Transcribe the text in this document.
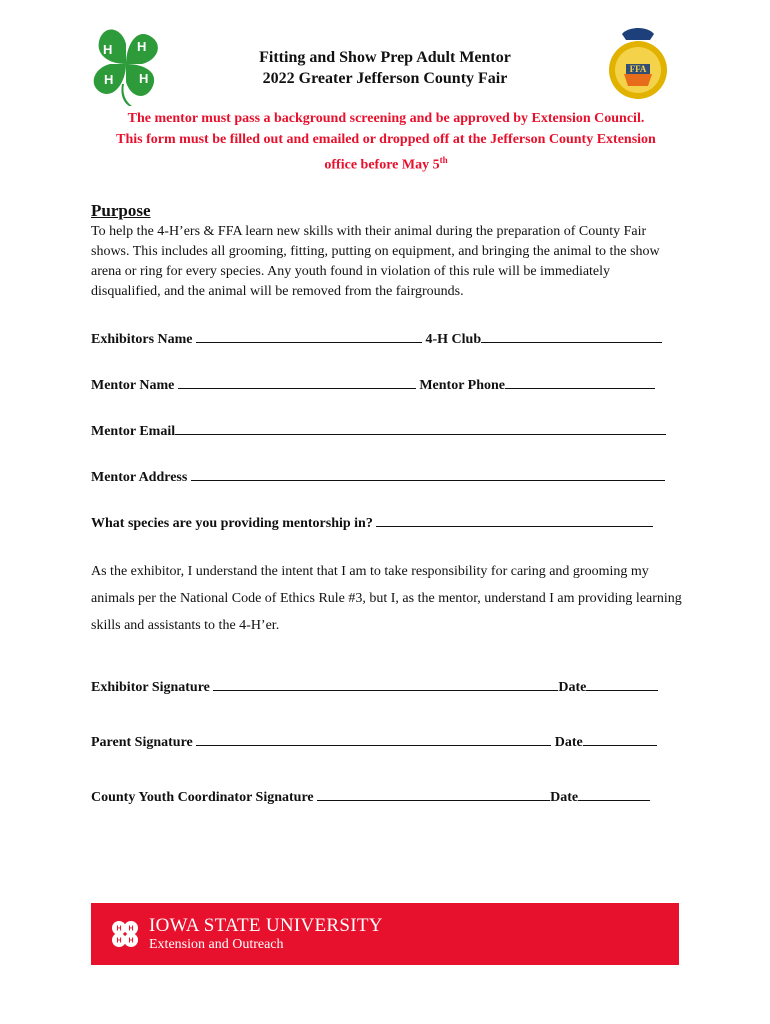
H H
H
H
FFA
Fitting and Show Prep Adult Mentor
2022 Greater Jefferson County Fair
The mentor must pass a background screening and be approved by Extension Council.
This form must be filled out and emailed or dropped off at the Jefferson County Extension
office before May 5th
Purpose
To help the 4-H’ers & FFA learn new skills with their animal during the preparation of County Fair shows. This includes all grooming, fitting, putting on equipment, and bringing the animal to the show arena or ring for every species. Any youth found in violation of this rule will be immediately disqualified, and the animal will be removed from the fairgrounds.
Exhibitors Name	4-H Club
Mentor Name	Mentor Phone
Mentor Email
Mentor Address
What species are you providing mentorship in?
As the exhibitor, I understand the intent that I am to take responsibility for caring and grooming my animals per the National Code of Ethics Rule #3, but I, as the mentor, understand I am providing learning skills and assistants to the 4-H’er.
Exhibitor Signature	Date
Parent Signature	Date
County Youth Coordinator Signature	Date
H H
H
H
IOWA STATE UNIVERSITY
Extension and Outreach
